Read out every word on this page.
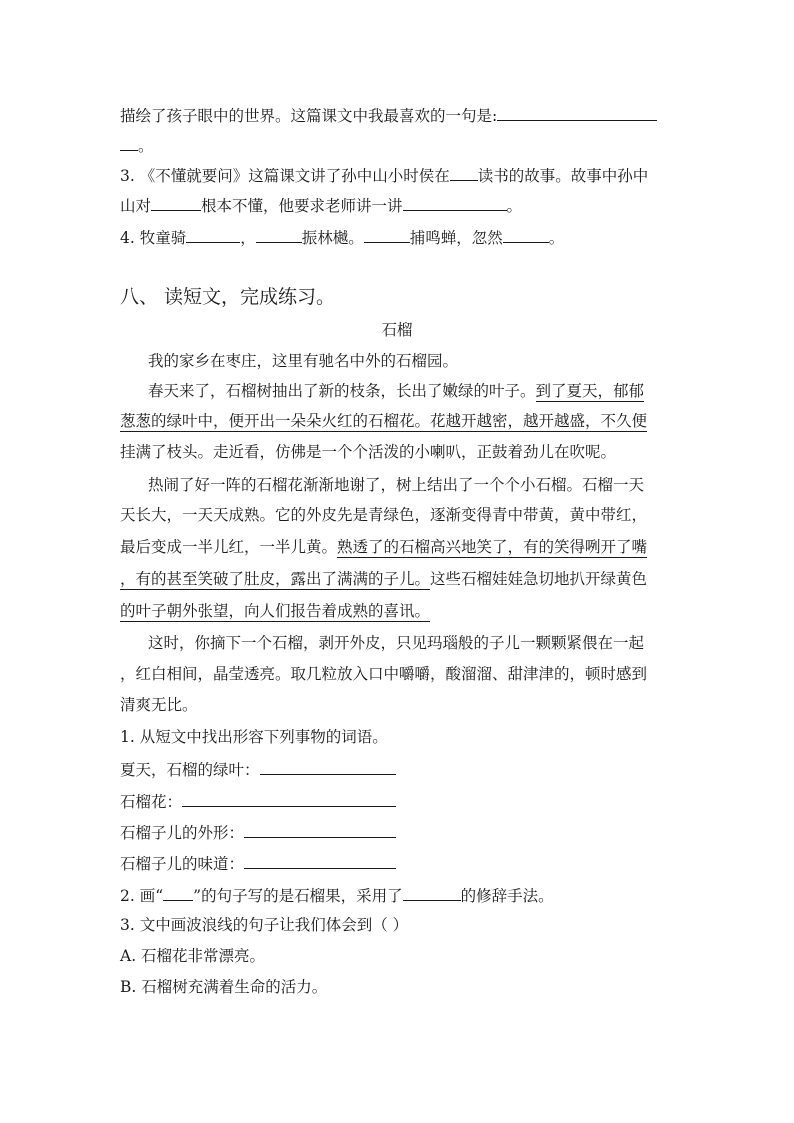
描绘了孩子眼中的世界。这篇课文中我最喜欢的一句是:
。
3. 《不懂就要问》这篇课文讲了孙中山小时侯在 读书的故事。故事中孙中
山对	根本不懂，他要求老师讲一讲	。
4. 牧童骑	，	振林樾。	捕鸣蝉，忽然	。
八、 读短文，完成练习。
石榴
我的家乡在枣庄，这里有驰名中外的石榴园。
春天来了，石榴树抽出了新的枝条，长出了嫩绿的叶子。到了夏天，郁郁
葱葱的绿叶中，便开出一朵朵火红的石榴花。花越开越密，越开越盛，不久便
挂满了枝头。走近看，仿佛是一个个活泼的小喇叭，正鼓着劲儿在吹呢。
热闹了好一阵的石榴花渐渐地谢了，树上结出了一个个小石榴。石榴一天
天长大，一天天成熟。它的外皮先是青绿色，逐渐变得青中带黄，黄中带红，
最后变成一半儿红，一半儿黄。熟透了的石榴高兴地笑了，有的笑得咧开了嘴
，有的甚至笑破了肚皮，露出了满满的子儿。这些石榴娃娃急切地扒开绿黄色
的叶子朝外张望，向人们报告着成熟的喜讯。
这时，你摘下一个石榴，剥开外皮，只见玛瑙般的子儿一颗颗紧偎在一起
，红白相间，晶莹透亮。取几粒放入口中嚼嚼，酸溜溜、甜津津的，顿时感到
清爽无比。
1. 从短文中找出形容下列事物的词语。
夏天，石榴的绿叶：
石榴花：
石榴子儿的外形：
石榴子儿的味道：
2. 画“ ”的句子写的是石榴果，采用了	的修辞手法。
3. 文中画波浪线的句子让我们体会到（ ）
A. 石榴花非常漂亮。
B. 石榴树充满着生命的活力。
